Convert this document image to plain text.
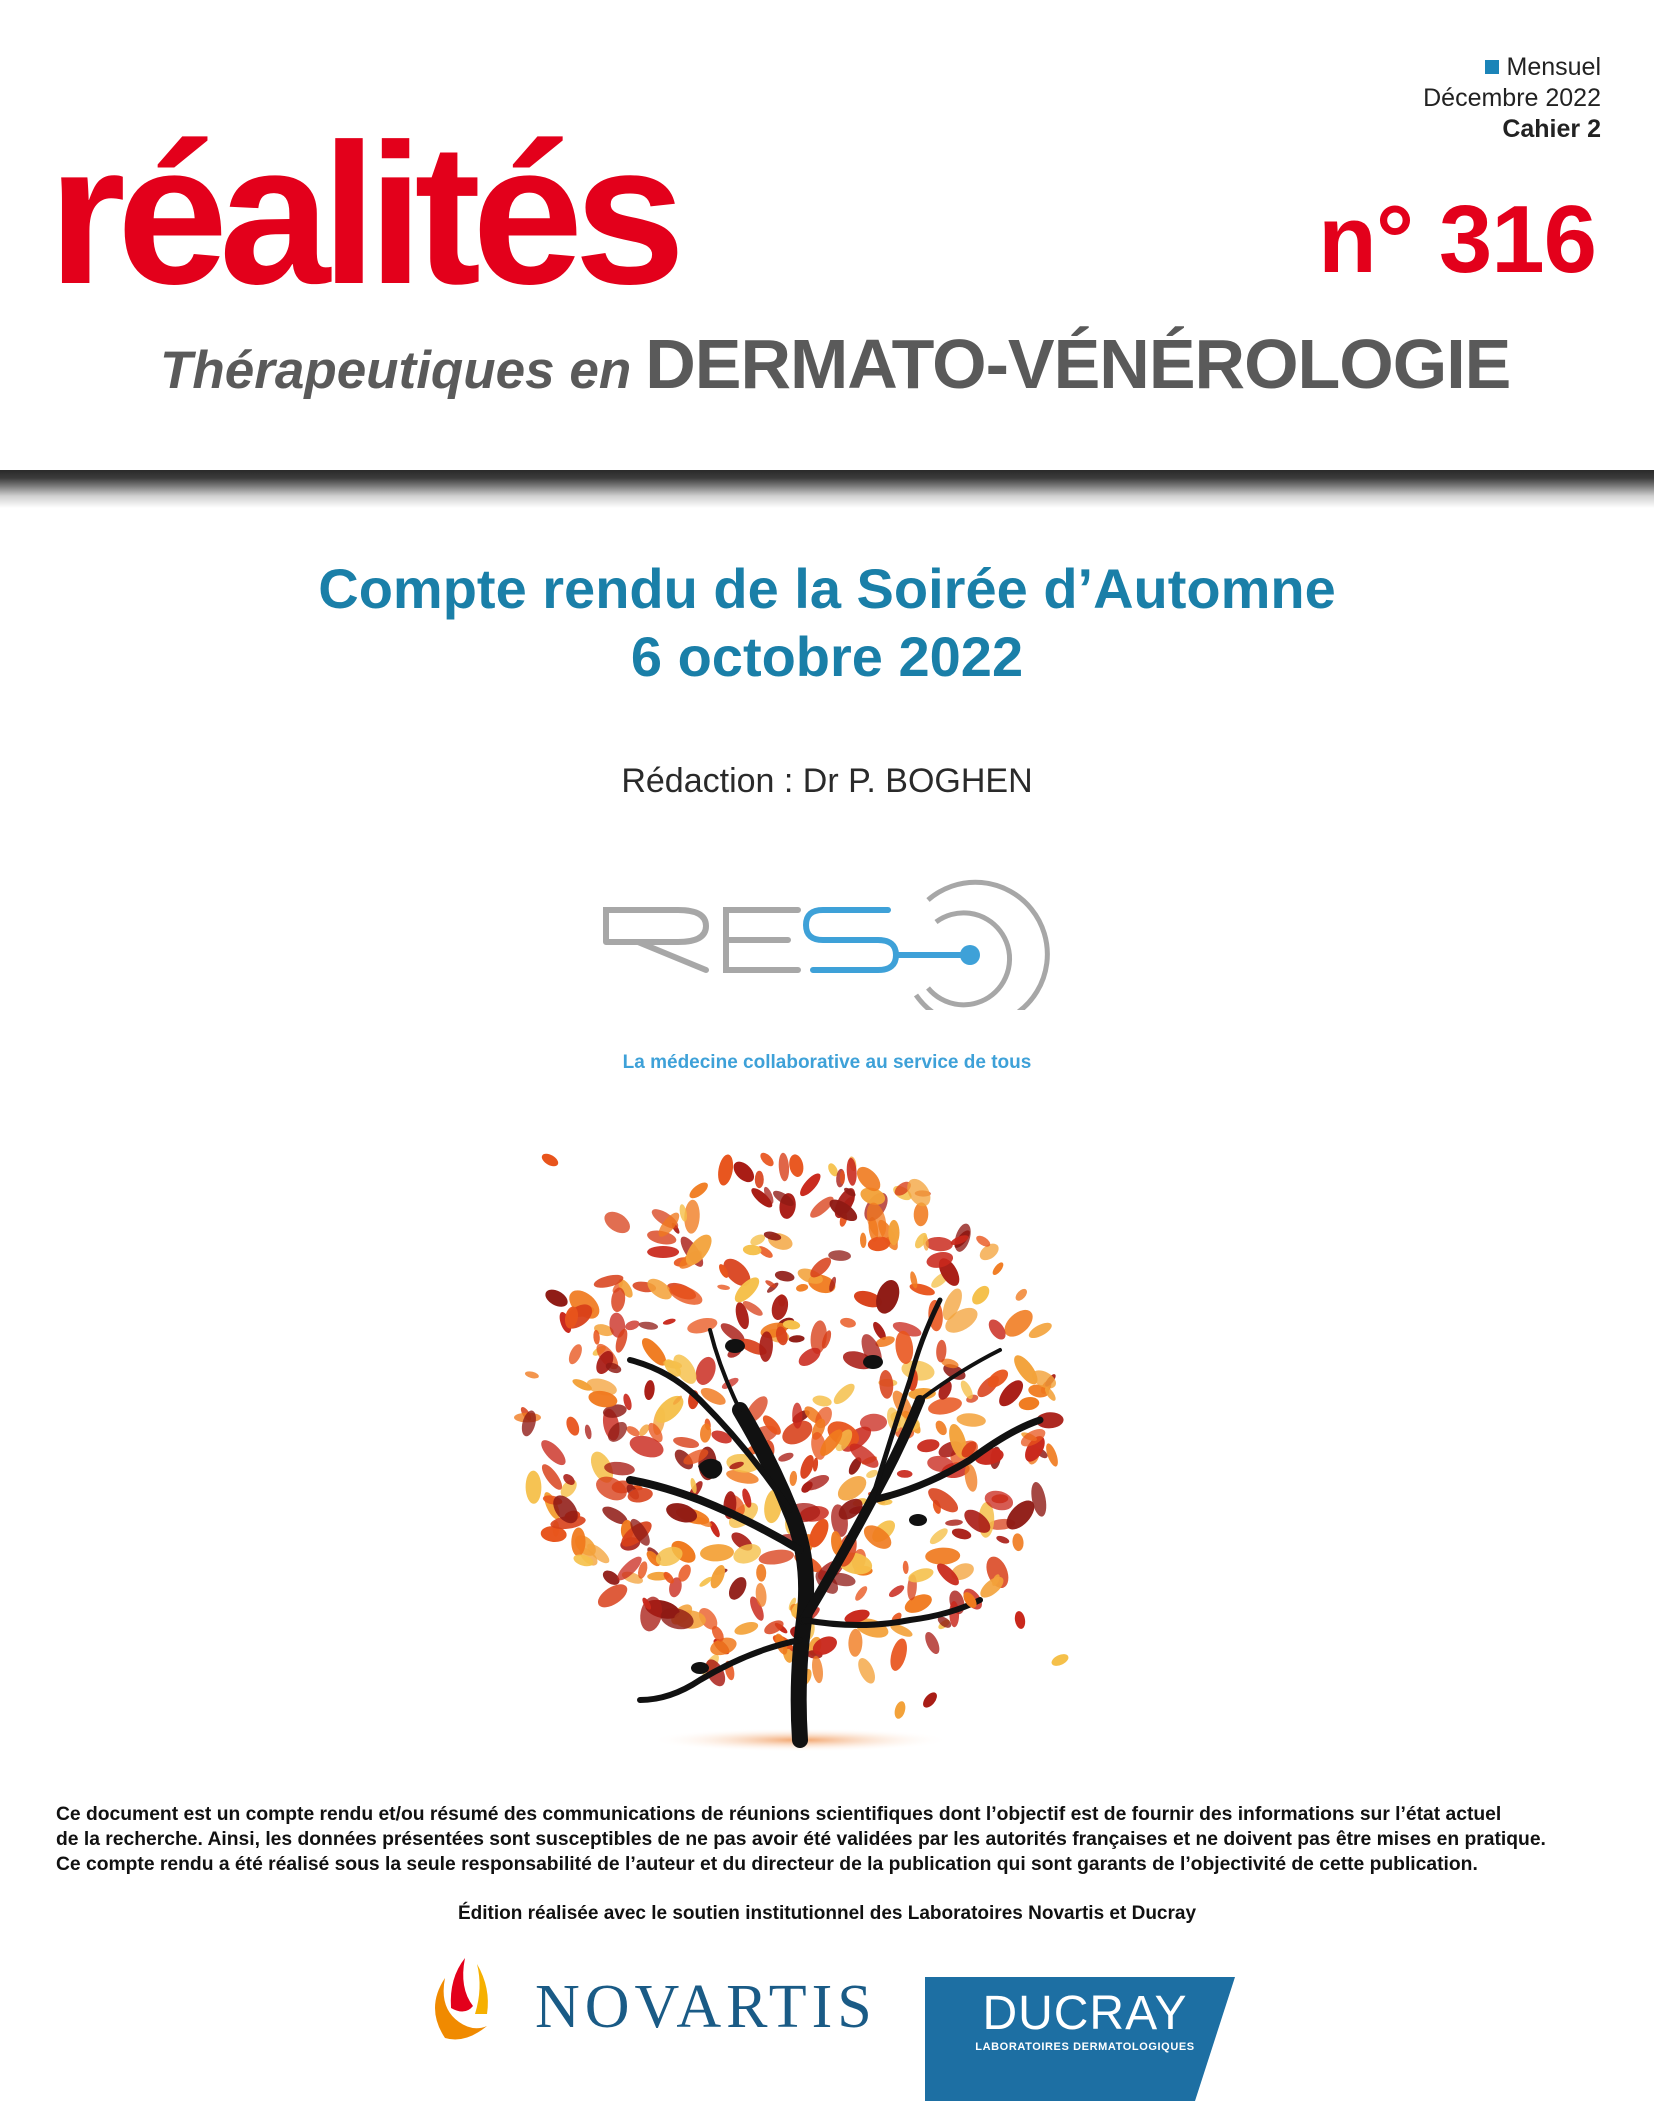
Mensuel
Décembre 2022
Cahier 2
réalités	n° 316
Thérapeutiques en DERMATO-VÉNÉROLOGIE
Compte rendu de la Soirée d’Automne
6 octobre 2022
Rédaction : Dr P. BOGHEN
La médecine collaborative au service de tous
Ce document est un compte rendu et/ou résumé des communications de réunions scientifiques dont l’objectif est de fournir des informations sur l’état actuel
de la recherche. Ainsi, les données présentées sont susceptibles de ne pas avoir été validées par les autorités françaises et ne doivent pas être mises en pratique.
Ce compte rendu a été réalisé sous la seule responsabilité de l’auteur et du directeur de la publication qui sont garants de l’objectivité de cette publication.
Édition réalisée avec le soutien institutionnel des Laboratoires Novartis et Ducray
NOVARTIS	DUCRAY
LABORATOIRES DERMATOLOGIQUES
